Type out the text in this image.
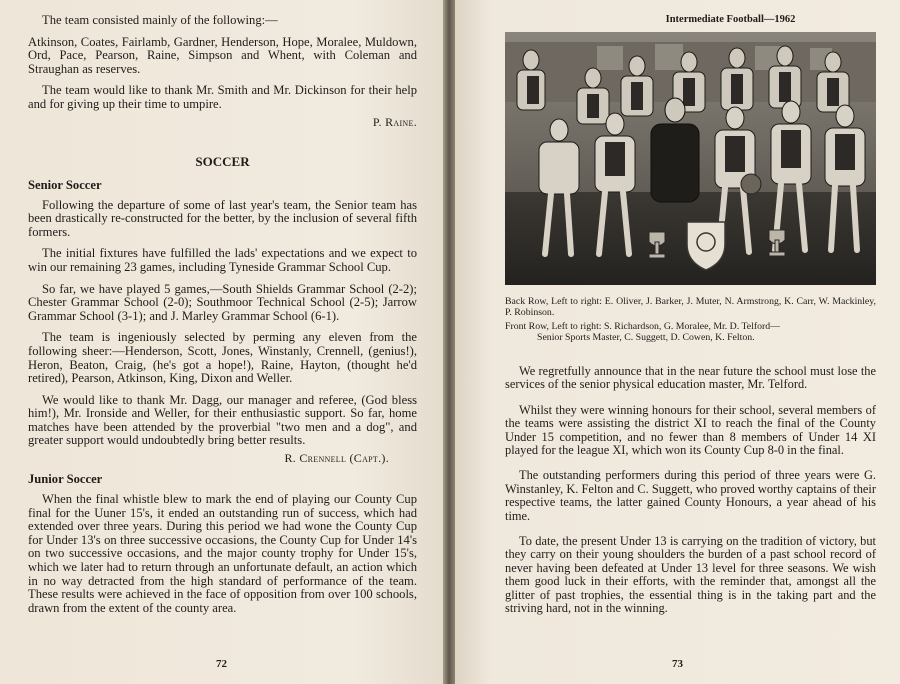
The team consisted mainly of the following:—

Atkinson, Coates, Fairlamb, Gardner, Henderson, Hope, Moralee, Muldown, Ord, Pace, Pearson, Raine, Simpson and Whent, with Coleman and Straughan as reserves.

The team would like to thank Mr. Smith and Mr. Dickinson for their help and for giving up their time to umpire.

P. Raine.
SOCCER
Senior Soccer

Following the departure of some of last year's team, the Senior team has been drastically re-constructed for the better, by the inclusion of several fifth formers.

The initial fixtures have fulfilled the lads' expectations and we expect to win our remaining 23 games, including Tyneside Grammar School Cup.

So far, we have played 5 games,—South Shields Grammar School (2-2); Chester Grammar School (2-0); Southmoor Technical School (2-5); Jarrow Grammar School (3-1); and J. Marley Grammar School (6-1).

The team is ingeniously selected by perming any eleven from the following sheer:—Henderson, Scott, Jones, Winstanly, Crennell, (genius!), Heron, Beaton, Craig, (he's got a hope!), Raine, Hayton, (thought he'd retired), Pearson, Atkinson, King, Dixon and Weller.

We would like to thank Mr. Dagg, our manager and referee, (God bless him!), Mr. Ironside and Weller, for their enthusiastic support. So far, home matches have been attended by the proverbial "two men and a dog", and greater support would undoubtedly bring better results.

R. Crennell (Capt.).
Junior Soccer

When the final whistle blew to mark the end of playing our County Cup final for the Uuner 15's, it ended an outstanding run of success, which had extended over three years. During this period we had wone the County Cup for Under 13's on three successive occasions, the County Cup for Under 14's on two successive occasions, and the major county trophy for Under 15's, which we later had to return through an unfortunate default, an action which in no way detracted from the high standard of performance of the team. These results were achieved in the face of opposition from over 100 schools, drawn from the extent of the county area.

72
Intermediate Football—1962

Back Row, Left to right: E. Oliver, J. Barker, J. Muter, N. Armstrong, K. Carr, W. Mackinley, P. Robinson.

Front Row, Left to right: S. Richardson, G. Moralee, Mr. D. Telford—
Senior Sports Master, C. Suggett, D. Cowen, K. Felton.

We regretfully announce that in the near future the school must lose the services of the senior physical education master, Mr. Telford.

Whilst they were winning honours for their school, several members of the teams were assisting the district XI to reach the final of the County Under 15 competition, and no fewer than 8 members of Under 14 XI played for the league XI, which won its County Cup 8-0 in the final.

The outstanding performers during this period of three years were G. Winstanley, K. Felton and C. Suggett, who proved worthy captains of their respective teams, the latter gained County Honours, a year ahead of his time.

To date, the present Under 13 is carrying on the tradition of victory, but they carry on their young shoulders the burden of a past school record of never having been defeated at Under 13 level for three seasons. We wish them good luck in their efforts, with the reminder that, amongst all the glitter of past trophies, the essential thing is in the taking part and the striving hard, not in the winning.

73
